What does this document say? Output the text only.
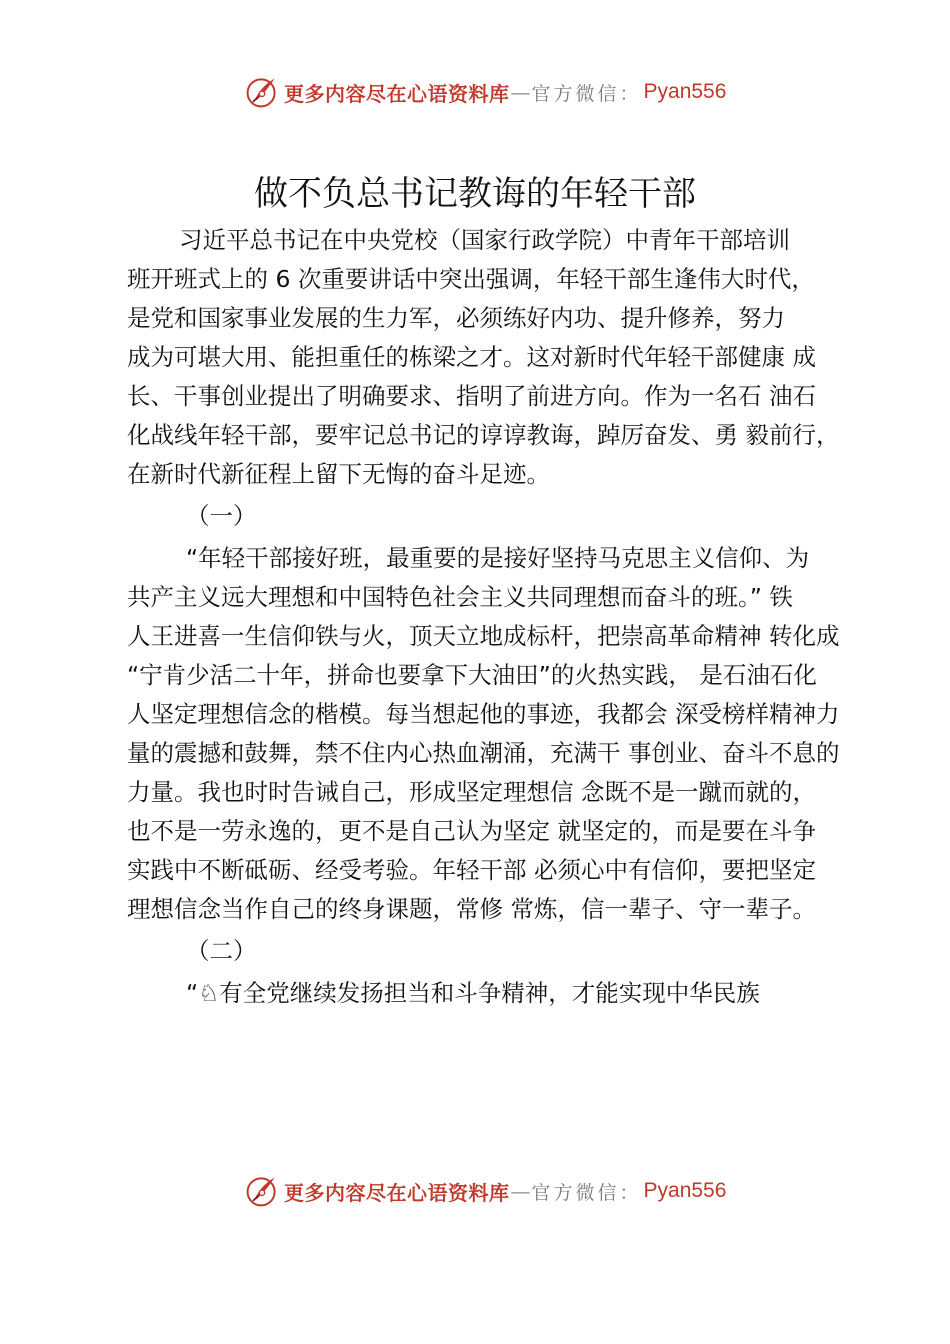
更多内容尽在心语资料库 — 官方微信： Pyan556
做不负总书记教诲的年轻干部
习近平总书记在中央党校（国家行政学院）中青年干部培训
班开班式上的 6 次重要讲话中突出强调，年轻干部生逢伟大时代，
是党和国家事业发展的生力军，必须练好内功、提升修养，努力
成为可堪大用、能担重任的栋梁之才。这对新时代年轻干部健康 成
长、干事创业提出了明确要求、指明了前进方向。作为一名石 油石
化战线年轻干部，要牢记总书记的谆谆教诲，踔厉奋发、勇 毅前行，
在新时代新征程上留下无悔的奋斗足迹。
（一）
“年轻干部接好班，最重要的是接好坚持马克思主义信仰、为
共产主义远大理想和中国特色社会主义共同理想而奋斗的班。” 铁
人王进喜一生信仰铁与火，顶天立地成标杆，把崇高革命精神 转化成
“宁肯少活二十年，拼命也要拿下大油田”的火热实践， 是石油石化
人坚定理想信念的楷模。每当想起他的事迹，我都会 深受榜样精神力
量的震撼和鼓舞，禁不住内心热血潮涌，充满干 事创业、奋斗不息的
力量。我也时时告诫自己，形成坚定理想信 念既不是一蹴而就的，
也不是一劳永逸的，更不是自己认为坚定 就坚定的，而是要在斗争
实践中不断砥砺、经受考验。年轻干部 必须心中有信仰，要把坚定
理想信念当作自己的终身课题，常修 常炼，信一辈子、守一辈子。
（二）
“♘有全党继续发扬担当和斗争精神，才能实现中华民族
更多内容尽在心语资料库 — 官方微信： Pyan556
